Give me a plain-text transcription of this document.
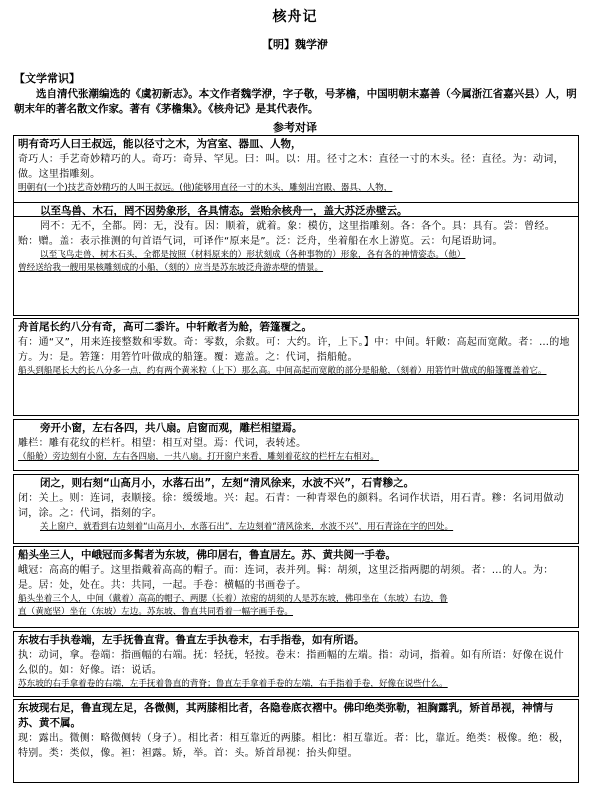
核舟记
【明】魏学洢
【文学常识】
选自清代张潮编选的《虞初新志》。本文作者魏学洢，字子敬，号茅檐，中国明朝末嘉善（今属浙江省嘉兴县）人，明朝末年的著名散文作家。著有《茅檐集》。《核舟记》是其代表作。
参考对译
明有奇巧人曰王叔远，能以径寸之木，为宫室、器皿、人物，
奇巧人：手艺奇妙精巧的人。奇巧：奇异、罕见。曰：叫。以：用。径寸之木：直径一寸的木头。径：直径。为：动词，做。这里指雕刻。
明朝有(一个)技艺奇妙精巧的人叫王叔远。(他)能够用直径一寸的木头，雕刻出宫殿、器具、人物，
以至鸟兽、木石，罔不因势象形，各具情态。尝贻余核舟一，盖大苏泛赤壁云。
罔不：无不，全都。罔：无，没有。因：顺着，就着。象：模仿，这里指雕刻。各：各个。具：具有。尝：曾经。贻：赠。盖：表示推测的句首语气词，可译作“原来是”。泛：泛舟，坐着船在水上游览。云：句尾语助词。
以至飞鸟走兽、树木石头，全都是按照（材料原来的）形状刻成（各种事物的）形象，各有各的神情姿态。（他）
曾经送给我一艘用果核雕刻成的小船，（刻的）应当是苏东坡泛舟游赤壁的情景。
舟首尾长约八分有奇，高可二黍许。中轩敞者为舱，箬篷覆之。
有：通“又”，用来连接整数和零数。奇：零数，余数。可：大约。许，上下。】中：中间。轩敞：高起而宽敞。者：…的地方。为：是。箬篷：用箬竹叶做成的船篷。覆：遮盖。之：代词，指船舱。
船头到船尾长大约长八分多一点，约有两个黄米粒（上下）那么高。中间高起而宽敞的部分是船舱，（刻着）用箬竹叶做成的船篷覆盖着它。
旁开小窗，左右各四，共八扇。启窗而观，雕栏相望焉。
雕栏：雕有花纹的栏杆。相望：相互对望。焉：代词，表转述。
（船舱）旁边刻有小窗，左右各四扇，一共八扇。打开窗户来看，雕刻着花纹的栏杆左右相对。
闭之，则右刻“山高月小，水落石出”，左刻“清风徐来，水波不兴”，石青糁之。
闭：关上。则：连词，表顺接。徐：缓缓地。兴：起。石青：一种青翠色的颜料。名词作状语，用石青。糁：名词用做动词，涂。之：代词，指刻的字。
关上窗户，就看到右边刻着“山高月小，水落石出”，左边刻着“清风徐来，水波不兴”，用石青涂在字的凹处。
船头坐三人，中峨冠而多髯者为东坡，佛印居右，鲁直居左。苏、黄共阅一手卷。
峨冠：高高的帽子。这里指戴着高高的帽子。而：连词，表并列。髯：胡须，这里泛指两腮的胡须。者：…的人。为：是。居：处，处在。共：共同，一起。手卷：横幅的书画卷子。
船头坐着三个人，中间（戴着）高高的帽子、两腮（长着）浓密的胡须的人是苏东坡，佛印坐在（东坡）右边，鲁
直（黄庭坚）坐在（东坡）左边。苏东坡、鲁直共同看着一幅字画手卷。
东坡右手执卷端，左手抚鲁直背。鲁直左手执卷末，右手指卷，如有所语。
执：动词，拿。卷端：指画幅的右端。抚：轻抚，轻按。卷末：指画幅的左端。指：动词，指着。如有所语：好像在说什么似的。如：好像。语：说话。
苏东坡的右手拿着卷的右端，左手抚着鲁直的背脊；鲁直左手拿着手卷的左端，右手指着手卷，好像在说些什么。
东坡现右足，鲁直现左足，各微侧，其两膝相比者，各隐卷底衣褶中。佛印绝类弥勒，袒胸露乳，矫首昂视，神情与苏、黄不属。
现：露出。微侧：略微侧转（身子）。相比者：相互靠近的两膝。相比：相互靠近。者：比，靠近。绝类：极像。绝：极，特别。类：类似，像。袒：袒露。矫，举。首：头。矫首昂视：抬头仰望。
